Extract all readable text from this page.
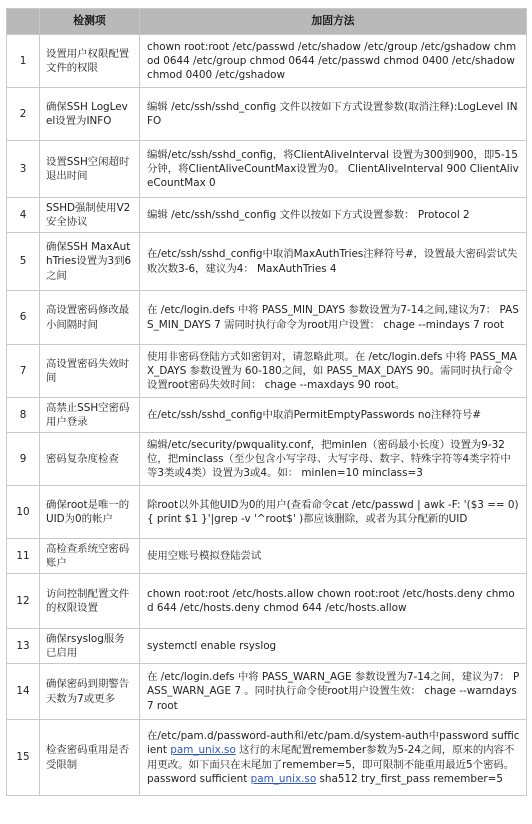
	检测项	加固方法
1	设置用户权限配置文件的权限	chown root:root /etc/passwd /etc/shadow /etc/group /etc/gshadow chmod 0644 /etc/group chmod 0644 /etc/passwd chmod 0400 /etc/shadow chmod 0400 /etc/gshadow
2	确保SSH LogLevel设置为INFO	编辑 /etc/ssh/sshd_config 文件以按如下方式设置参数(取消注释):LogLevel INFO
3	设置SSH空闲超时退出时间	编辑/etc/ssh/sshd_config，将ClientAliveInterval 设置为300到900，即5-15分钟，将ClientAliveCountMax设置为0。 ClientAliveInterval 900 ClientAliveCountMax 0
4	SSHD强制使用V2安全协议	编辑 /etc/ssh/sshd_config 文件以按如下方式设置参数： Protocol 2
5	确保SSH MaxAuthTries设置为3到6之间	在/etc/ssh/sshd_config中取消MaxAuthTries注释符号#，设置最大密码尝试失败次数3-6，建议为4： MaxAuthTries 4
6	高设置密码修改最小间隔时间	在 /etc/login.defs 中将 PASS_MIN_DAYS 参数设置为7-14之间,建议为7： PASS_MIN_DAYS 7 需同时执行命令为root用户设置： chage --mindays 7 root
7	高设置密码失效时间	使用非密码登陆方式如密钥对，请忽略此项。在 /etc/login.defs 中将 PASS_MAX_DAYS 参数设置为 60-180之间，如 PASS_MAX_DAYS 90。需同时执行命令设置root密码失效时间： chage --maxdays 90 root。
8	高禁止SSH空密码用户登录	在/etc/ssh/sshd_config中取消PermitEmptyPasswords no注释符号#
9	密码复杂度检查	编辑/etc/security/pwquality.conf，把minlen（密码最小长度）设置为9-32位，把minclass（至少包含小写字母、大写字母、数字、特殊字符等4类字符中等3类或4类）设置为3或4。如： minlen=10 minclass=3
10	确保root是唯一的UID为0的帐户	除root以外其他UID为0的用户(查看命令cat /etc/passwd | awk -F: '($3 == 0) { print $1 }'|grep -v '^root$' )都应该删除，或者为其分配新的UID
11	高检查系统空密码账户	使用空账号模拟登陆尝试
12	访问控制配置文件的权限设置	chown root:root /etc/hosts.allow chown root:root /etc/hosts.deny chmod 644 /etc/hosts.deny chmod 644 /etc/hosts.allow
13	确保rsyslog服务已启用	systemctl enable rsyslog
14	确保密码到期警告天数为7或更多	在 /etc/login.defs 中将 PASS_WARN_AGE 参数设置为7-14之间，建议为7： PASS_WARN_AGE 7 。同时执行命令使root用户设置生效： chage --warndays 7 root
15	检查密码重用是否受限制	在/etc/pam.d/password-auth和/etc/pam.d/system-auth中password sufficient pam_unix.so 这行的末尾配置remember参数为5-24之间，原来的内容不用更改。如下面只在末尾加了remember=5，即可限制不能重用最近5个密码。 password sufficient pam_unix.so sha512 try_first_pass remember=5
